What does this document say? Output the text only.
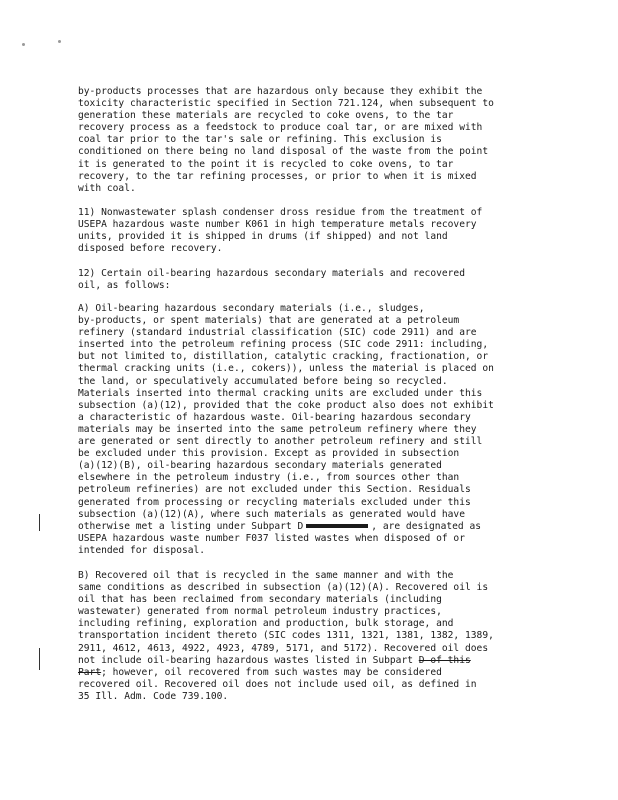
by-products processes that are hazardous only because they exhibit the
toxicity characteristic specified in Section 721.124, when subsequent to
generation these materials are recycled to coke ovens, to the tar
recovery process as a feedstock to produce coal tar, or are mixed with
coal tar prior to the tar's sale or refining. This exclusion is
conditioned on there being no land disposal of the waste from the point
it is generated to the point it is recycled to coke ovens, to tar
recovery, to the tar refining processes, or prior to when it is mixed
with coal.
11) Nonwastewater splash condenser dross residue from the treatment of
USEPA hazardous waste number K061 in high temperature metals recovery
units, provided it is shipped in drums (if shipped) and not land
disposed before recovery.
12) Certain oil-bearing hazardous secondary materials and recovered
oil, as follows:
A) Oil-bearing hazardous secondary materials (i.e., sludges,
by-products, or spent materials) that are generated at a petroleum
refinery (standard industrial classification (SIC) code 2911) and are
inserted into the petroleum refining process (SIC code 2911: including,
but not limited to, distillation, catalytic cracking, fractionation, or
thermal cracking units (i.e., cokers)), unless the material is placed on
the land, or speculatively accumulated before being so recycled.
Materials inserted into thermal cracking units are excluded under this
subsection (a)(12), provided that the coke product also does not exhibit
a characteristic of hazardous waste. Oil-bearing hazardous secondary
materials may be inserted into the same petroleum refinery where they
are generated or sent directly to another petroleum refinery and still
be excluded under this provision. Except as provided in subsection
(a)(12)(B), oil-bearing hazardous secondary materials generated
elsewhere in the petroleum industry (i.e., from sources other than
petroleum refineries) are not excluded under this Section. Residuals
generated from processing or recycling materials excluded under this
subsection (a)(12)(A), where such materials as generated would have
otherwise met a listing under Subpart D	, are designated as
USEPA hazardous waste number F037 listed wastes when disposed of or
intended for disposal.
B) Recovered oil that is recycled in the same manner and with the
same conditions as described in subsection (a)(12)(A). Recovered oil is
oil that has been reclaimed from secondary materials (including
wastewater) generated from normal petroleum industry practices,
including refining, exploration and production, bulk storage, and
transportation incident thereto (SIC codes 1311, 1321, 1381, 1382, 1389,
2911, 4612, 4613, 4922, 4923, 4789, 5171, and 5172). Recovered oil does
not include oil-bearing hazardous wastes listed in Subpart D of this
Part; however, oil recovered from such wastes may be considered
recovered oil. Recovered oil does not include used oil, as defined in
35 Ill. Adm. Code 739.100.
